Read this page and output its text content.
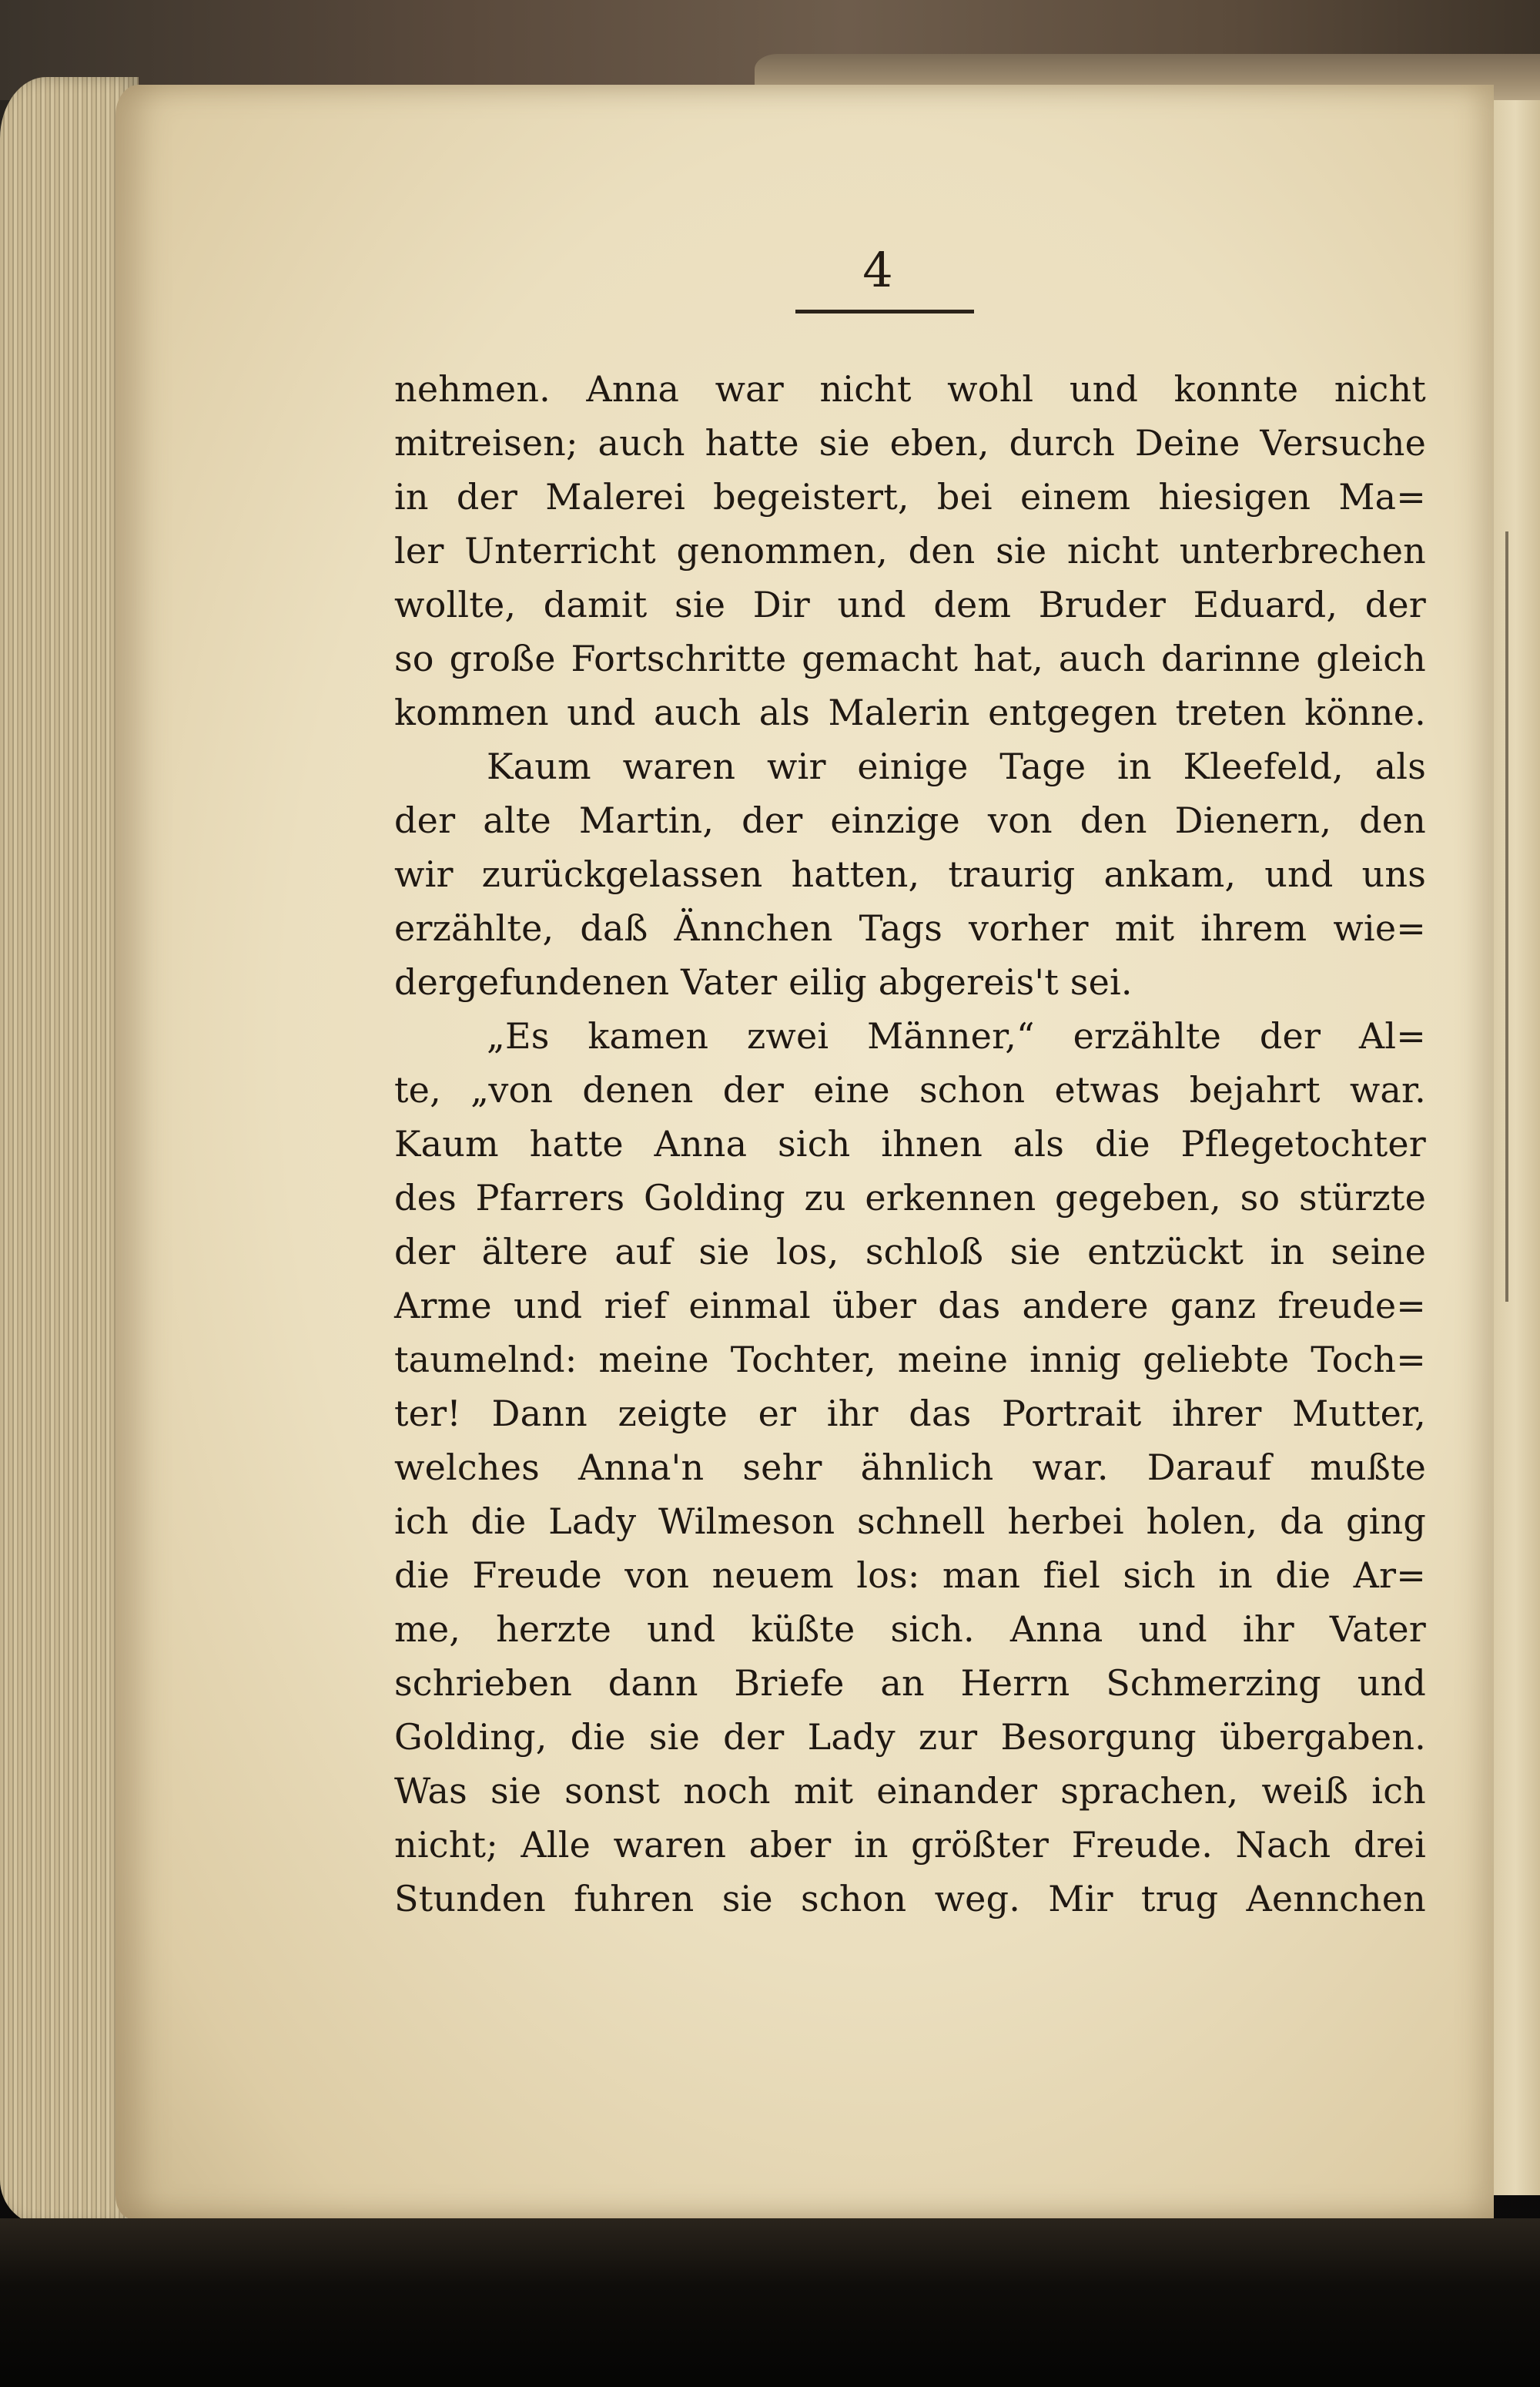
4
nehmen. Anna war nicht wohl und konnte nicht
mitreisen; auch hatte sie eben, durch Deine Versuche
in der Malerei begeistert, bei einem hiesigen Ma=
ler Unterricht genommen, den sie nicht unterbrechen
wollte, damit sie Dir und dem Bruder Eduard, der
so große Fortschritte gemacht hat, auch darinne gleich
kommen und auch als Malerin entgegen treten könne.
Kaum waren wir einige Tage in Kleefeld, als
der alte Martin, der einzige von den Dienern, den
wir zurückgelassen hatten, traurig ankam, und uns
erzählte, daß Ännchen Tags vorher mit ihrem wie=
dergefundenen Vater eilig abgereis't sei.
„Es kamen zwei Männer,“ erzählte der Al=
te, „von denen der eine schon etwas bejahrt war.
Kaum hatte Anna sich ihnen als die Pflegetochter
des Pfarrers Golding zu erkennen gegeben, so stürzte
der ältere auf sie los, schloß sie entzückt in seine
Arme und rief einmal über das andere ganz freude=
taumelnd: meine Tochter, meine innig geliebte Toch=
ter! Dann zeigte er ihr das Portrait ihrer Mutter,
welches Anna'n sehr ähnlich war. Darauf mußte
ich die Lady Wilmeson schnell herbei holen, da ging
die Freude von neuem los: man fiel sich in die Ar=
me, herzte und küßte sich. Anna und ihr Vater
schrieben dann Briefe an Herrn Schmerzing und
Golding, die sie der Lady zur Besorgung übergaben.
Was sie sonst noch mit einander sprachen, weiß ich
nicht; Alle waren aber in größter Freude. Nach drei
Stunden fuhren sie schon weg. Mir trug Aennchen
